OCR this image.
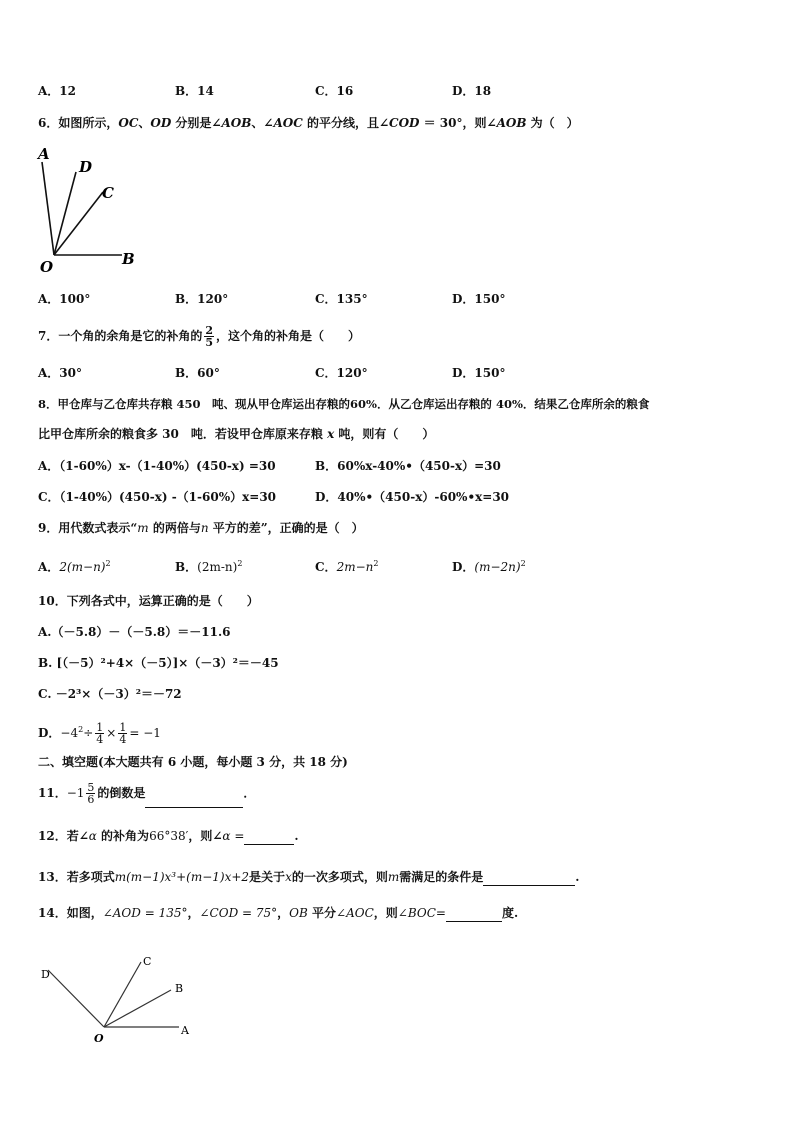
A．12	B．14	C．16	D．18
6．如图所示，OC、OD 分别是∠AOB、∠AOC 的平分线，且∠COD ＝ 30°，则∠AOB 为（　）
A
D
C
O	B
A．100°	B．120°	C．135°	D．150°
7．一个角的余角是它的补角的 $\frac{2}{5}$ ，这个角的补角是（　　）
A．30°	B．60°	C．120°	D．150°
8．甲仓库与乙仓库共存粮 450　吨、现从甲仓库运出存粮的60%．从乙仓库运出存粮的 40%．结果乙仓库所余的粮食
比甲仓库所余的粮食多 30　吨．若设甲仓库原来存粮 x 吨，则有（　　）
A．（1-60%）x-（1-40%）(450-x) =30	B．60%x-40%•（450-x）=30
C．（1-40%）(450-x) -（1-60%）x=30	D．40%•（450-x）-60%•x=30
9．用代数式表示“m 的两倍与n 平方的差”，正确的是（　）
A．$2(m-n)^2$	B．$(2m-n)^2$	C．$2m-n^2$	D．$(m-2n)^2$
10．下列各式中，运算正确的是（　　）
A.（－5.8）－（－5.8）＝－11.6
B. [（－5）²+4×（－5）]×（－3）²＝－45
C. －2³×（－3）²＝－72
D．$-4^2\div \frac{1}{4} \times \frac{1}{4} = -1$
二、填空题(本大题共有 6 小题，每小题 3 分，共 18 分)
11．$-1 \frac{5}{6}$ 的倒数是	．
12．若∠α 的补角为66°38′，则∠α =	.
13．若多项式m(m−1)x³+(m−1)x+2是关于x的一次多项式，则m需满足的条件是	.
14．如图，∠AOD = 135°，∠COD = 75°，OB 平分∠AOC，则∠BOC=	度.
D
C
B
O
A
